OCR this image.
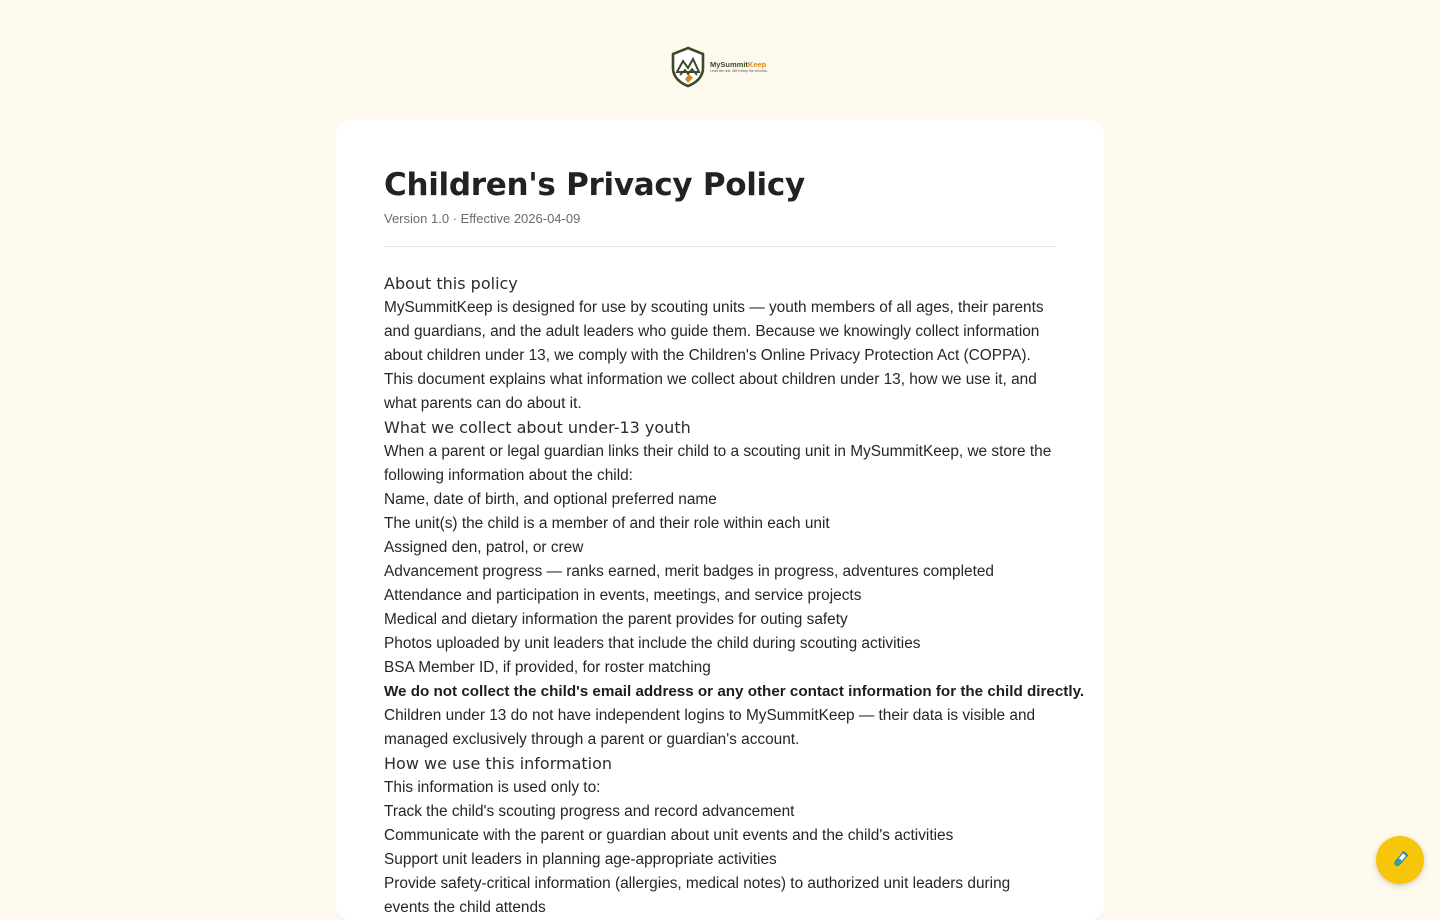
MySummitKeep
Lead the unit. We'll keep the records.
Children's Privacy Policy
Version 1.0 · Effective 2026-04-09
About this policy

MySummitKeep is designed for use by scouting units — youth members of all ages, their parents and guardians, and the adult leaders who guide them. Because we knowingly collect information about children under 13, we comply with the Children's Online Privacy Protection Act (COPPA). This document explains what information we collect about children under 13, how we use it, and what parents can do about it.

What we collect about under-13 youth

When a parent or legal guardian links their child to a scouting unit in MySummitKeep, we store the following information about the child:

Name, date of birth, and optional preferred name
The unit(s) the child is a member of and their role within each unit
Assigned den, patrol, or crew
Advancement progress — ranks earned, merit badges in progress, adventures completed
Attendance and participation in events, meetings, and service projects
Medical and dietary information the parent provides for outing safety
Photos uploaded by unit leaders that include the child during scouting activities
BSA Member ID, if provided, for roster matching

We do not collect the child's email address or any other contact information for the child directly.

Children under 13 do not have independent logins to MySummitKeep — their data is visible and managed exclusively through a parent or guardian's account.

How we use this information

This information is used only to:

Track the child's scouting progress and record advancement
Communicate with the parent or guardian about unit events and the child's activities
Support unit leaders in planning age-appropriate activities

Provide safety-critical information (allergies, medical notes) to authorized unit leaders during events the child attends
